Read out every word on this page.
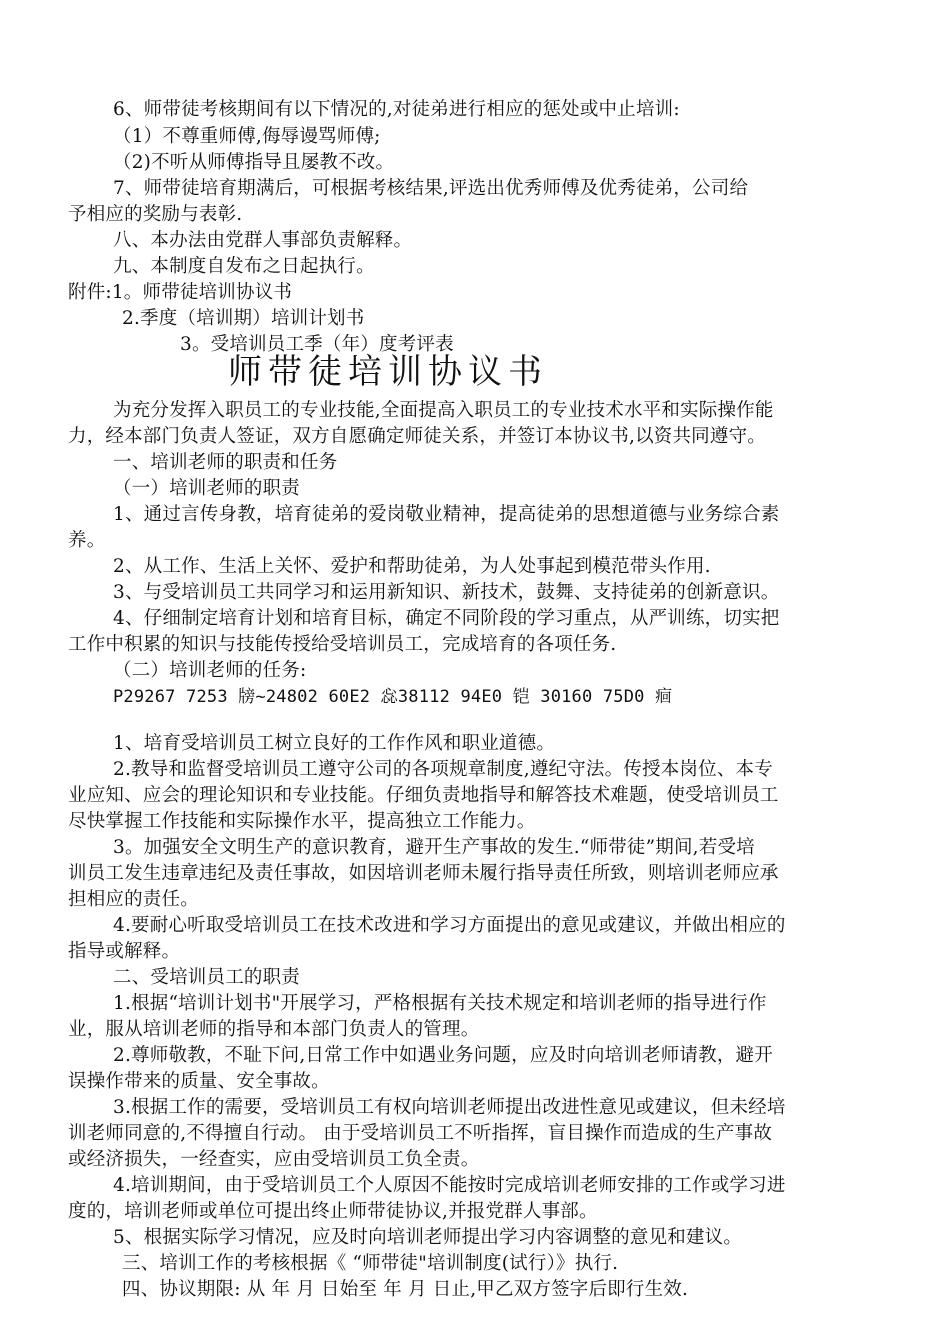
6、师带徒考核期间有以下情况的,对徒弟进行相应的惩处或中止培训:
（1）不尊重师傅,侮辱谩骂师傅;
（2)不听从师傅指导且屡教不改。
7、师带徒培育期满后，可根据考核结果,评选出优秀师傅及优秀徒弟，公司给
予相应的奖励与表彰.
八、本办法由党群人事部负责解释。
九、本制度自发布之日起执行。
附件:1。师带徒培训协议书
2.季度（培训期）培训计划书
3。受培训员工季（年）度考评表
师带徒培训协议书
为充分发挥入职员工的专业技能,全面提高入职员工的专业技术水平和实际操作能
力，经本部门负责人签证，双方自愿确定师徒关系，并签订本协议书,以资共同遵守。
一、培训老师的职责和任务
（一）培训老师的职责
1、通过言传身教，培育徒弟的爱岗敬业精神，提高徒弟的思想道德与业务综合素
养。
2、从工作、生活上关怀、爱护和帮助徒弟，为人处事起到模范带头作用.
3、与受培训员工共同学习和运用新知识、新技术，鼓舞、支持徒弟的创新意识。
4、仔细制定培育计划和培育目标，确定不同阶段的学习重点，从严训练，切实把
工作中积累的知识与技能传授给受培训员工，完成培育的各项任务.
（二）培训老师的任务:
P29267 7253 牓~24802 60E2 惢38112 94E0 铠 30160 75D0 痐
1、培育受培训员工树立良好的工作作风和职业道德。
2.教导和监督受培训员工遵守公司的各项规章制度,遵纪守法。传授本岗位、本专
业应知、应会的理论知识和专业技能。仔细负责地指导和解答技术难题，使受培训员工
尽快掌握工作技能和实际操作水平，提高独立工作能力。
3。加强安全文明生产的意识教育，避开生产事故的发生.“师带徒”期间,若受培
训员工发生违章违纪及责任事故，如因培训老师未履行指导责任所致，则培训老师应承
担相应的责任。
4.要耐心听取受培训员工在技术改进和学习方面提出的意见或建议，并做出相应的
指导或解释。
二、受培训员工的职责
1.根据“培训计划书"开展学习，严格根据有关技术规定和培训老师的指导进行作
业，服从培训老师的指导和本部门负责人的管理。
2.尊师敬教，不耻下问,日常工作中如遇业务问题，应及时向培训老师请教，避开
误操作带来的质量、安全事故。
3.根据工作的需要，受培训员工有权向培训老师提出改进性意见或建议，但未经培
训老师同意的,不得擅自行动。 由于受培训员工不听指挥，盲目操作而造成的生产事故
或经济损失，一经查实，应由受培训员工负全责。
4.培训期间，由于受培训员工个人原因不能按时完成培训老师安排的工作或学习进
度的，培训老师或单位可提出终止师带徒协议,并报党群人事部。
5、根据实际学习情况，应及时向培训老师提出学习内容调整的意见和建议。
三、培训工作的考核根据《 “师带徒"培训制度(试行）》执行.
四、协议期限: 从 年 月 日始至 年 月 日止,甲乙双方签字后即行生效.
